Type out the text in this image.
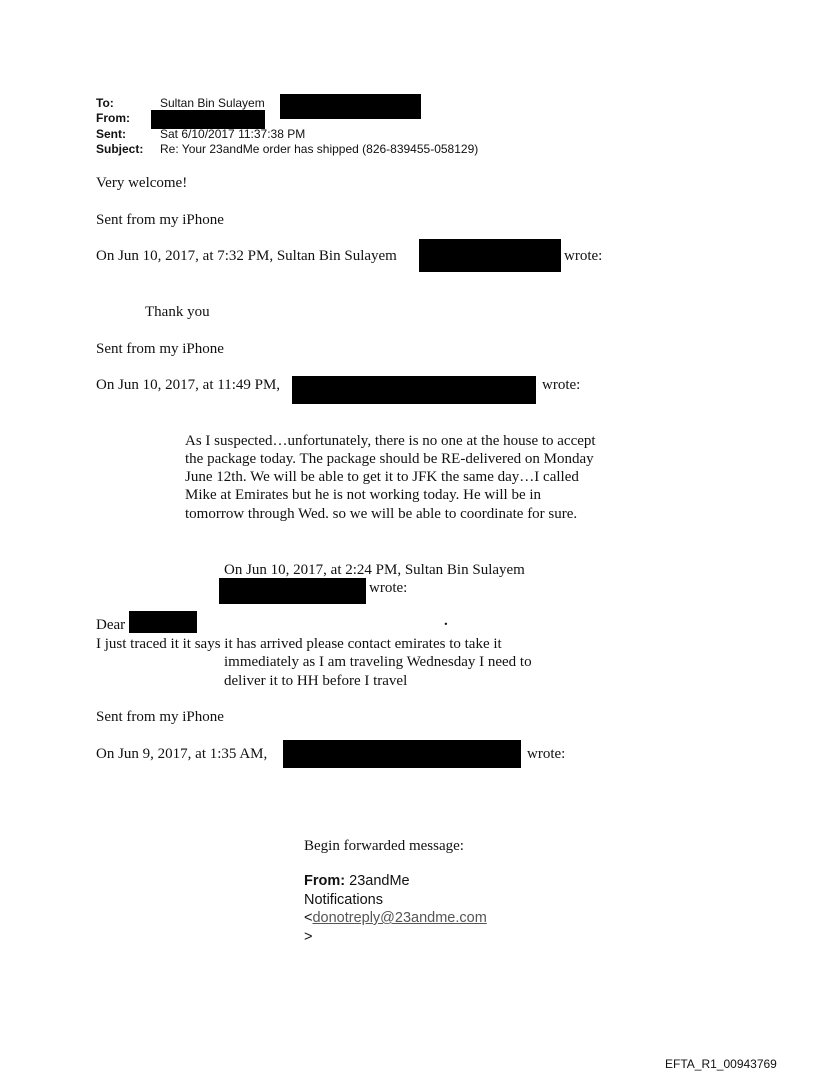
To:	Sultan Bin Sulayem
From:
Sent:	Sat 6/10/2017 11:37:38 PM
Subject: Re: Your 23andMe order has shipped (826-839455-058129)
Very welcome!
Sent from my iPhone
On Jun 10, 2017, at 7:32 PM, Sultan Bin Sulayem	wrote:
Thank you
Sent from my iPhone
On Jun 10, 2017, at 11:49 PM,	wrote:
As I suspected…unfortunately, there is no one at the house to accept
the package today. The package should be RE-delivered on Monday
June 12th. We will be able to get it to JFK the same day…I called
Mike at Emirates but he is not working today. He will be in
tomorrow through Wed. so we will be able to coordinate for sure.
On Jun 10, 2017, at 2:24 PM, Sultan Bin Sulayem
wrote:
Dear	.
I just traced it it says it has arrived please contact emirates to take it
immediately as I am traveling Wednesday I need to
deliver it to HH before I travel
Sent from my iPhone
On Jun 9, 2017, at 1:35 AM,	wrote:
Begin forwarded message:
From: 23andMe
Notifications
<donotreply@23andme.com
>
EFTA_R1_00943769
